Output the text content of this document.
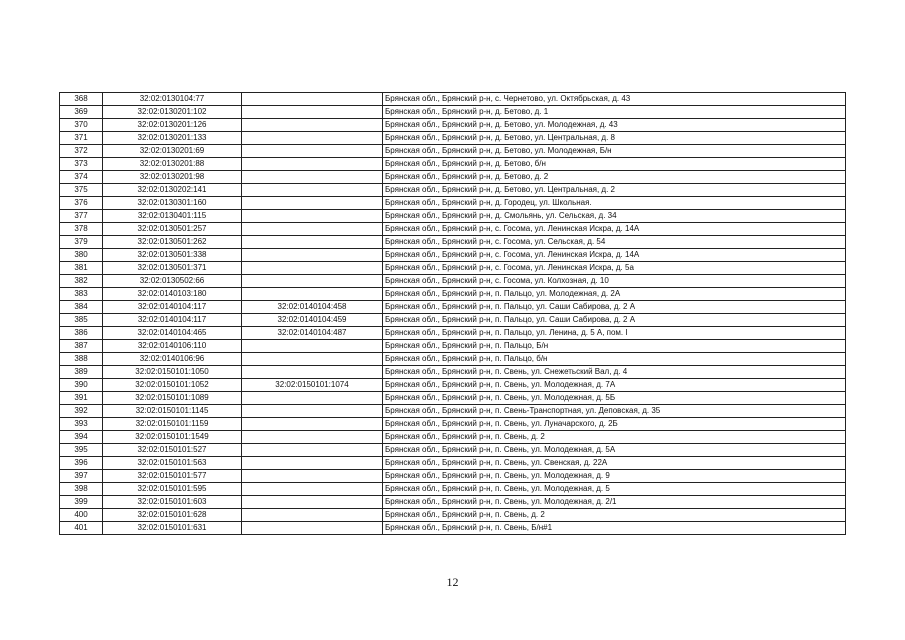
368	32:02:0130104:77		Брянская обл., Брянский р-н, с. Чернетово, ул. Октябрьская, д. 43
369	32:02:0130201:102		Брянская обл., Брянский р-н, д. Бетово, д. 1
370	32:02:0130201:126		Брянская обл., Брянский р-н, д. Бетово, ул. Молодежная, д. 43
371	32:02:0130201:133		Брянская обл., Брянский р-н, д. Бетово, ул. Центральная, д. 8
372	32:02:0130201:69		Брянская обл., Брянский р-н, д. Бетово, ул. Молодежная, Б/н
373	32:02:0130201:88		Брянская обл., Брянский р-н, д. Бетово, б/н
374	32:02:0130201:98		Брянская обл., Брянский р-н, д. Бетово, д. 2
375	32:02:0130202:141		Брянская обл., Брянский р-н, д. Бетово, ул. Центральная, д. 2
376	32:02:0130301:160		Брянская обл., Брянский р-н, д. Городец, ул. Школьная.
377	32:02:0130401:115		Брянская обл., Брянский р-н, д. Смольянь, ул. Сельская, д. 34
378	32:02:0130501:257		Брянская обл., Брянский р-н, с. Госома, ул. Ленинская Искра, д. 14А
379	32:02:0130501:262		Брянская обл., Брянский р-н, с. Госома, ул. Сельская, д. 54
380	32:02:0130501:338		Брянская обл., Брянский р-н, с. Госома, ул. Ленинская Искра, д. 14А
381	32:02:0130501:371		Брянская обл., Брянский р-н, с. Госома, ул. Ленинская Искра, д. 5а
382	32:02:0130502:66		Брянская обл., Брянский р-н, с. Госома, ул. Колхозная, д. 10
383	32:02:0140103:180		Брянская обл., Брянский р-н, п. Пальцо, ул. Молодежная, д. 2А
384	32:02:0140104:117	32:02:0140104:458	Брянская обл., Брянский р-н, п. Пальцо, ул. Саши Сабирова, д. 2 А
385	32:02:0140104:117	32:02:0140104:459	Брянская обл., Брянский р-н, п. Пальцо, ул. Саши Сабирова, д. 2 А
386	32:02:0140104:465	32:02:0140104:487	Брянская обл., Брянский р-н, п. Пальцо, ул. Ленина, д. 5 А, пом. I
387	32:02:0140106:110		Брянская обл., Брянский р-н, п. Пальцо, Б/н
388	32:02:0140106:96		Брянская обл., Брянский р-н, п. Пальцо, б/н
389	32:02:0150101:1050		Брянская обл., Брянский р-н, п. Свень, ул. Снежетьский Вал, д. 4
390	32:02:0150101:1052	32:02:0150101:1074	Брянская обл., Брянский р-н, п. Свень, ул. Молодежная, д. 7А
391	32:02:0150101:1089		Брянская обл., Брянский р-н, п. Свень, ул. Молодежная, д. 5Б
392	32:02:0150101:1145		Брянская обл., Брянский р-н, п. Свень-Транспортная, ул. Деповская, д. 35
393	32:02:0150101:1159		Брянская обл., Брянский р-н, п. Свень, ул. Луначарского, д. 2Б
394	32:02:0150101:1549		Брянская обл., Брянский р-н, п. Свень, д. 2
395	32:02:0150101:527		Брянская обл., Брянский р-н, п. Свень, ул. Молодежная, д. 5А
396	32:02:0150101:563		Брянская обл., Брянский р-н, п. Свень, ул. Свенская, д. 22А
397	32:02:0150101:577		Брянская обл., Брянский р-н, п. Свень, ул. Молодежная, д. 9
398	32:02:0150101:595		Брянская обл., Брянский р-н, п. Свень, ул. Молодежная, д. 5
399	32:02:0150101:603		Брянская обл., Брянский р-н, п. Свень, ул. Молодежная, д. 2/1
400	32:02:0150101:628		Брянская обл., Брянский р-н, п. Свень, д. 2
401	32:02:0150101:631		Брянская обл., Брянский р-н, п. Свень, Б/н#1
12
